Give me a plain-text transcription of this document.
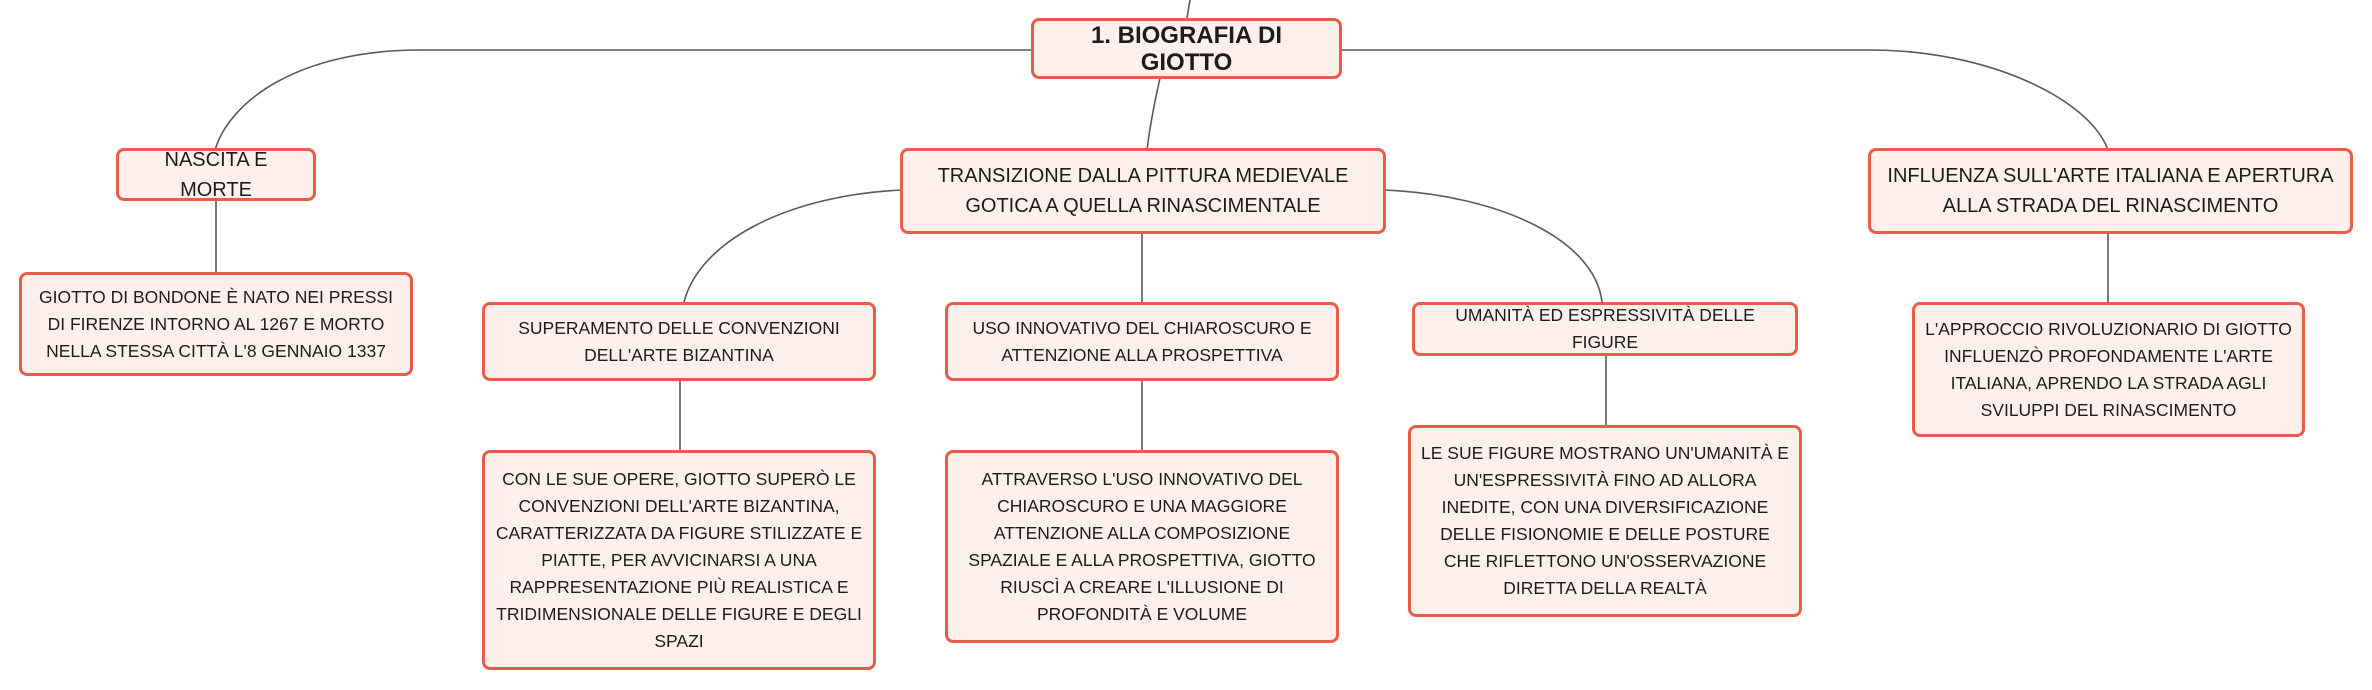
1. BIOGRAFIA DI GIOTTO
NASCITA E MORTE
TRANSIZIONE DALLA PITTURA MEDIEVALE GOTICA A QUELLA RINASCIMENTALE
INFLUENZA SULL'ARTE ITALIANA E APERTURA ALLA STRADA DEL RINASCIMENTO
GIOTTO DI BONDONE È NATO NEI PRESSI DI FIRENZE INTORNO AL 1267 E MORTO NELLA STESSA CITTÀ L'8 GENNAIO 1337
SUPERAMENTO DELLE CONVENZIONI DELL'ARTE BIZANTINA
USO INNOVATIVO DEL CHIAROSCURO E ATTENZIONE ALLA PROSPETTIVA
UMANITÀ ED ESPRESSIVITÀ DELLE FIGURE
L'APPROCCIO RIVOLUZIONARIO DI GIOTTO INFLUENZÒ PROFONDAMENTE L'ARTE ITALIANA, APRENDO LA STRADA AGLI SVILUPPI DEL RINASCIMENTO
CON LE SUE OPERE, GIOTTO SUPERÒ LE CONVENZIONI DELL'ARTE BIZANTINA, CARATTERIZZATA DA FIGURE STILIZZATE E PIATTE, PER AVVICINARSI A UNA RAPPRESENTAZIONE PIÙ REALISTICA E TRIDIMENSIONALE DELLE FIGURE E DEGLI SPAZI
ATTRAVERSO L'USO INNOVATIVO DEL CHIAROSCURO E UNA MAGGIORE ATTENZIONE ALLA COMPOSIZIONE SPAZIALE E ALLA PROSPETTIVA, GIOTTO RIUSCÌ A CREARE L'ILLUSIONE DI PROFONDITÀ E VOLUME
LE SUE FIGURE MOSTRANO UN'UMANITÀ E UN'ESPRESSIVITÀ FINO AD ALLORA INEDITE, CON UNA DIVERSIFICAZIONE DELLE FISIONOMIE E DELLE POSTURE CHE RIFLETTONO UN'OSSERVAZIONE DIRETTA DELLA REALTÀ
